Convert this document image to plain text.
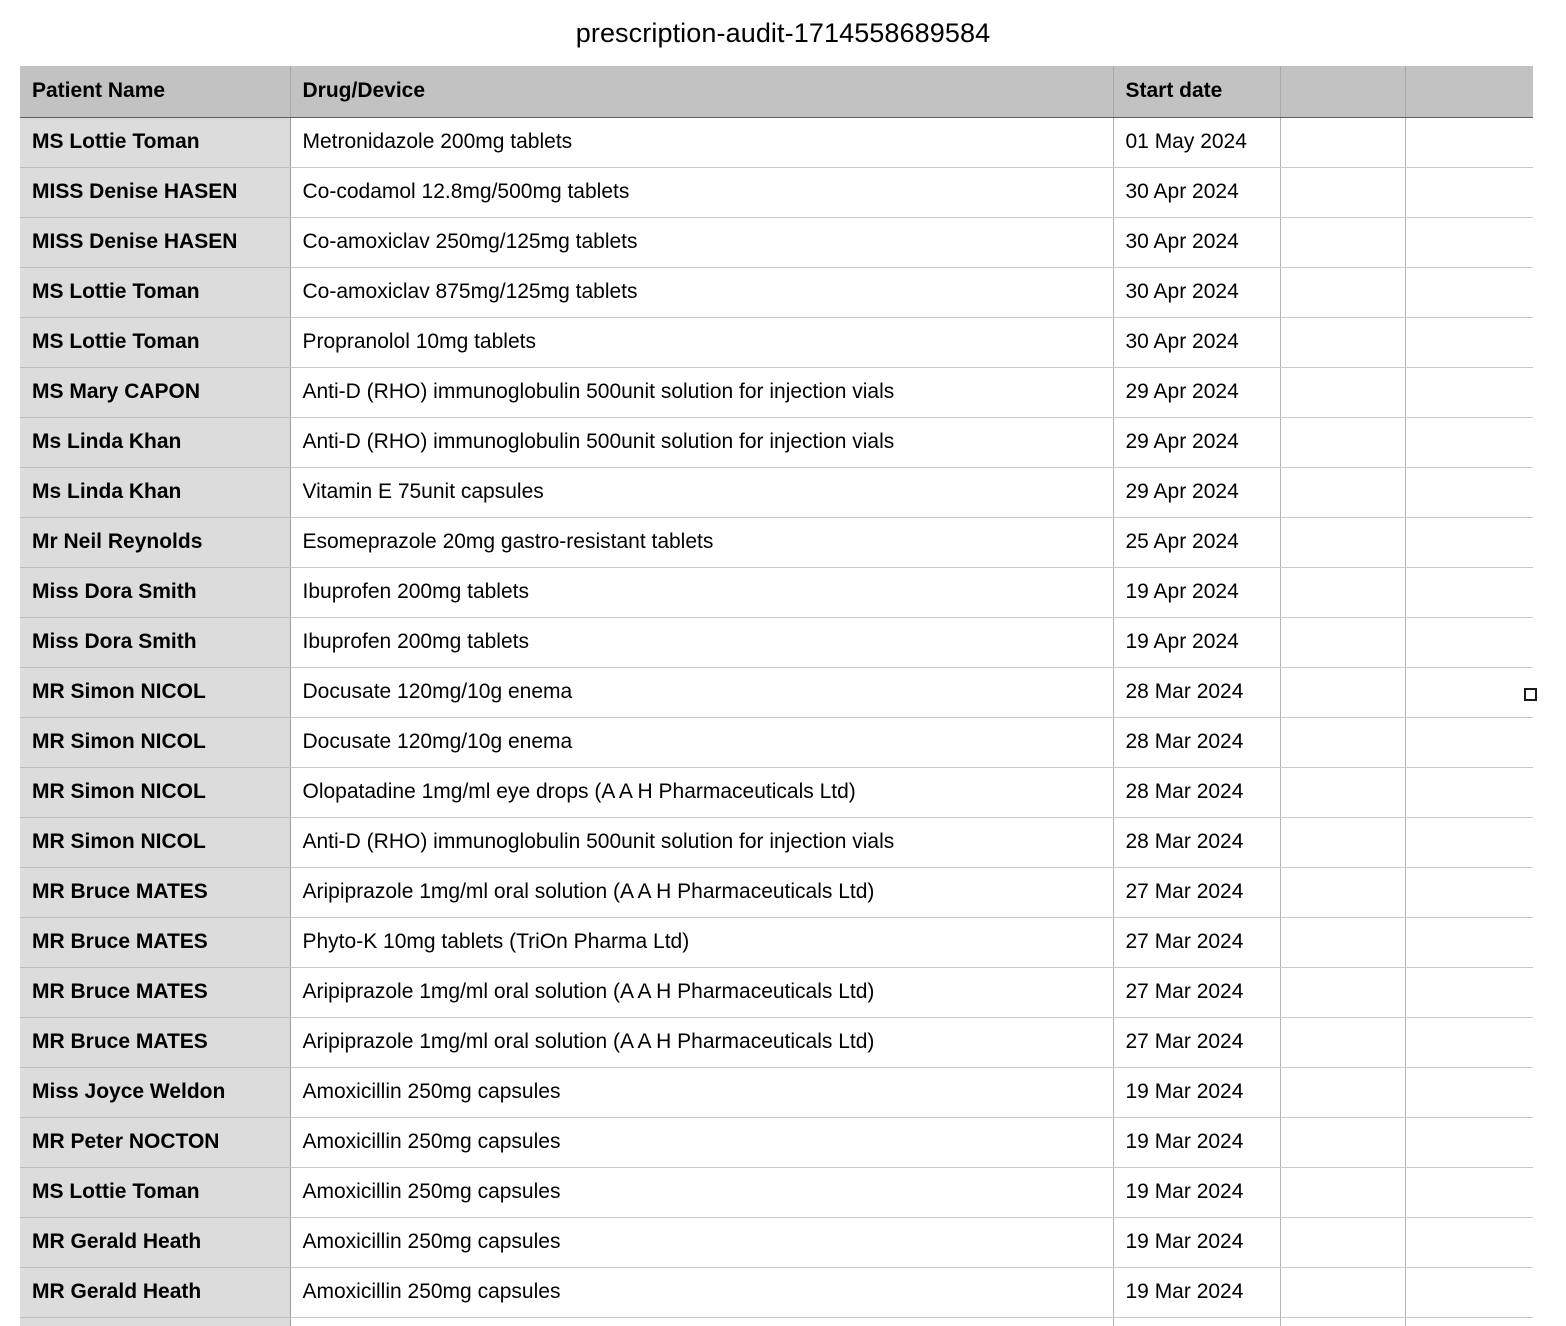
prescription-audit-1714558689584
Patient Name	Drug/Device	Start date		
MS Lottie Toman	Metronidazole 200mg tablets	01 May 2024		
MISS Denise HASEN	Co-codamol 12.8mg/500mg tablets	30 Apr 2024		
MISS Denise HASEN	Co-amoxiclav 250mg/125mg tablets	30 Apr 2024		
MS Lottie Toman	Co-amoxiclav 875mg/125mg tablets	30 Apr 2024		
MS Lottie Toman	Propranolol 10mg tablets	30 Apr 2024		
MS Mary CAPON	Anti-D (RHO) immunoglobulin 500unit solution for injection vials	29 Apr 2024		
Ms Linda Khan	Anti-D (RHO) immunoglobulin 500unit solution for injection vials	29 Apr 2024		
Ms Linda Khan	Vitamin E 75unit capsules	29 Apr 2024		
Mr Neil Reynolds	Esomeprazole 20mg gastro-resistant tablets	25 Apr 2024		
Miss Dora Smith	Ibuprofen 200mg tablets	19 Apr 2024		
Miss Dora Smith	Ibuprofen 200mg tablets	19 Apr 2024		
MR Simon NICOL	Docusate 120mg/10g enema	28 Mar 2024		
MR Simon NICOL	Docusate 120mg/10g enema	28 Mar 2024		
MR Simon NICOL	Olopatadine 1mg/ml eye drops (A A H Pharmaceuticals Ltd)	28 Mar 2024		
MR Simon NICOL	Anti-D (RHO) immunoglobulin 500unit solution for injection vials	28 Mar 2024		
MR Bruce MATES	Aripiprazole 1mg/ml oral solution (A A H Pharmaceuticals Ltd)	27 Mar 2024		
MR Bruce MATES	Phyto-K 10mg tablets (TriOn Pharma Ltd)	27 Mar 2024		
MR Bruce MATES	Aripiprazole 1mg/ml oral solution (A A H Pharmaceuticals Ltd)	27 Mar 2024		
MR Bruce MATES	Aripiprazole 1mg/ml oral solution (A A H Pharmaceuticals Ltd)	27 Mar 2024		
Miss Joyce Weldon	Amoxicillin 250mg capsules	19 Mar 2024		
MR Peter NOCTON	Amoxicillin 250mg capsules	19 Mar 2024		
MS Lottie Toman	Amoxicillin 250mg capsules	19 Mar 2024		
MR Gerald Heath	Amoxicillin 250mg capsules	19 Mar 2024		
MR Gerald Heath	Amoxicillin 250mg capsules	19 Mar 2024		
